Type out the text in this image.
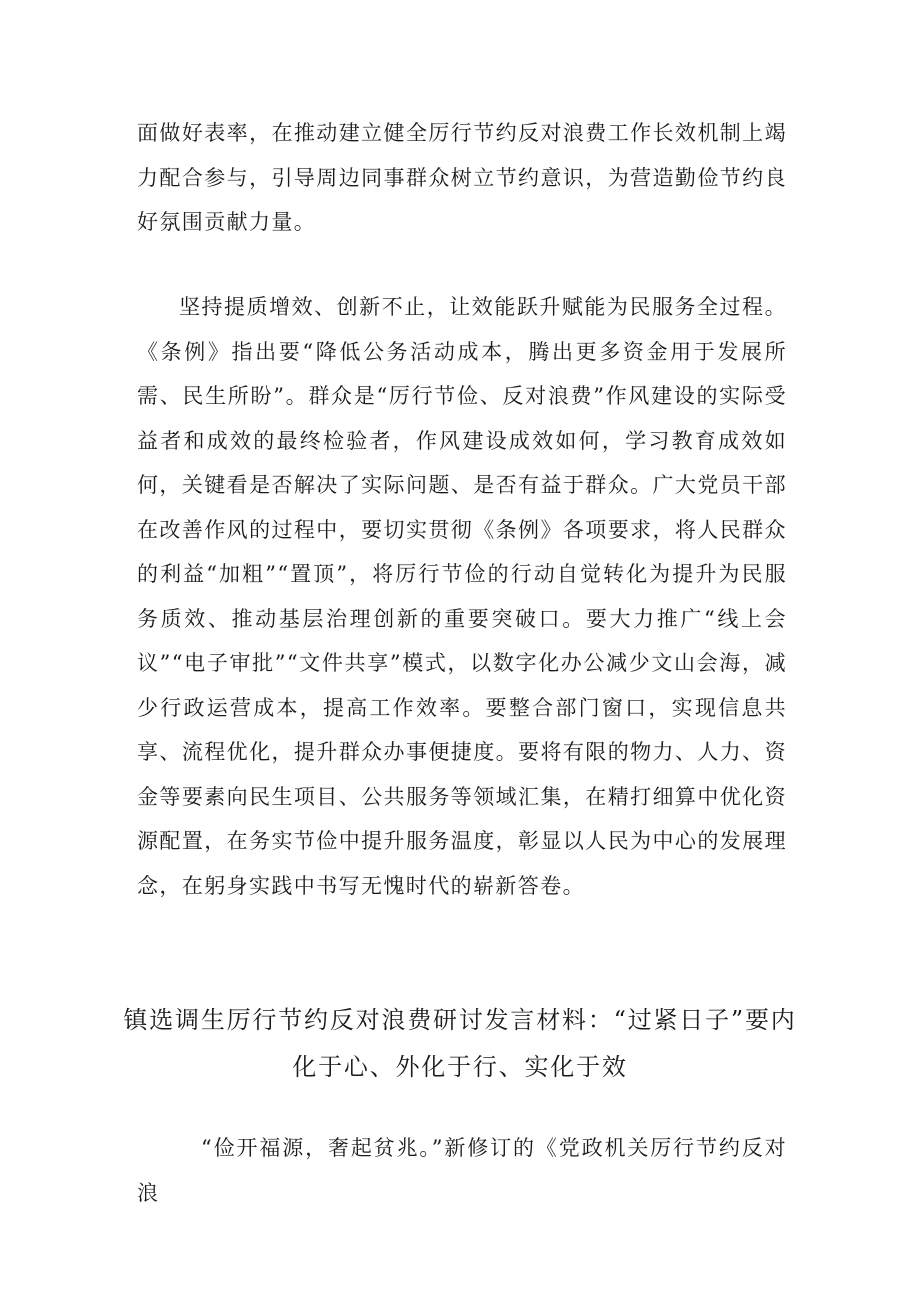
面做好表率，在推动建立健全厉行节约反对浪费工作长效机制上竭力配合参与，引导周边同事群众树立节约意识，为营造勤俭节约良好氛围贡献力量。

坚持提质增效、创新不止，让效能跃升赋能为民服务全过程。《条例》指出要“降低公务活动成本，腾出更多资金用于发展所需、民生所盼”。群众是“厉行节俭、反对浪费”作风建设的实际受益者和成效的最终检验者，作风建设成效如何，学习教育成效如何，关键看是否解决了实际问题、是否有益于群众。广大党员干部在改善作风的过程中，要切实贯彻《条例》各项要求，将人民群众的利益“加粗”“置顶”，将厉行节俭的行动自觉转化为提升为民服务质效、推动基层治理创新的重要突破口。要大力推广“线上会议”“电子审批”“文件共享”模式，以数字化办公减少文山会海，减少行政运营成本，提高工作效率。要整合部门窗口，实现信息共享、流程优化，提升群众办事便捷度。要将有限的物力、人力、资金等要素向民生项目、公共服务等领域汇集，在精打细算中优化资源配置，在务实节俭中提升服务温度，彰显以人民为中心的发展理念，在躬身实践中书写无愧时代的崭新答卷。

镇选调生厉行节约反对浪费研讨发言材料：“过紧日子”要内化于心、外化于行、实化于效

“俭开福源，奢起贫兆。”新修订的《党政机关厉行节约反对浪
